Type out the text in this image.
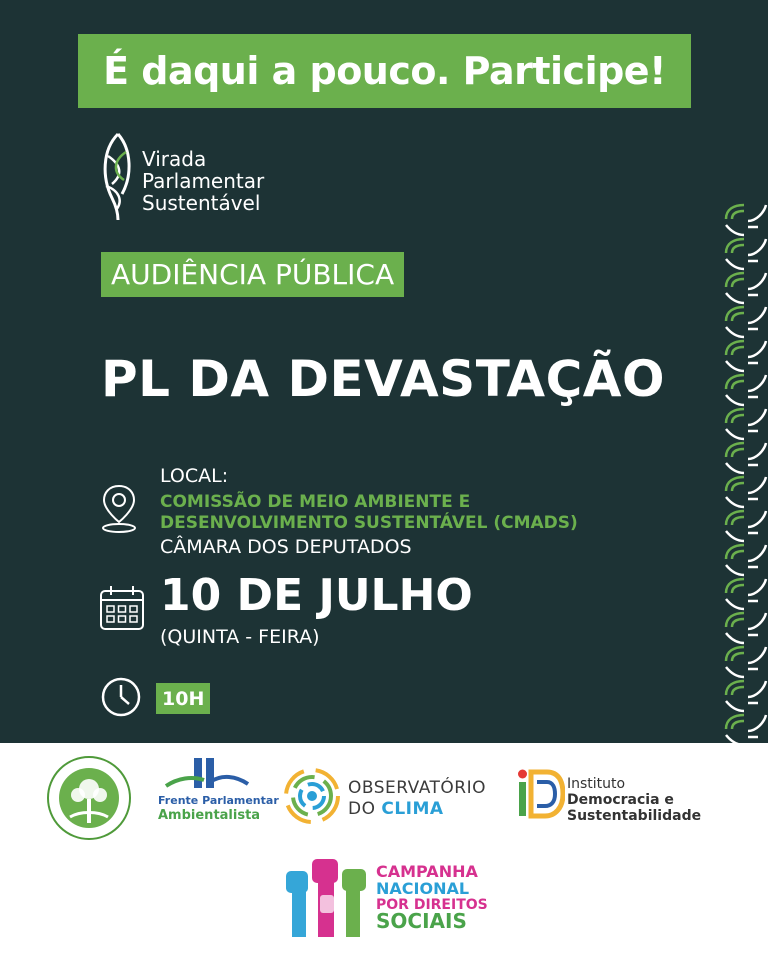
É daqui a pouco. Participe!
Virada
Parlamentar
Sustentável
AUDIÊNCIA PÚBLICA
PL DA DEVASTAÇÃO
LOCAL:
COMISSÃO DE MEIO AMBIENTE E
DESENVOLVIMENTO SUSTENTÁVEL (CMADS)
CÂMARA DOS DEPUTADOS
10 DE JULHO
(QUINTA - FEIRA)
10H
Frente Parlamentar
Ambientalista
OBSERVATÓRIO
DO CLIMA
Instituto
Democracia e
Sustentabilidade
CAMPANHA
NACIONAL
POR DIREITOS
SOCIAIS
